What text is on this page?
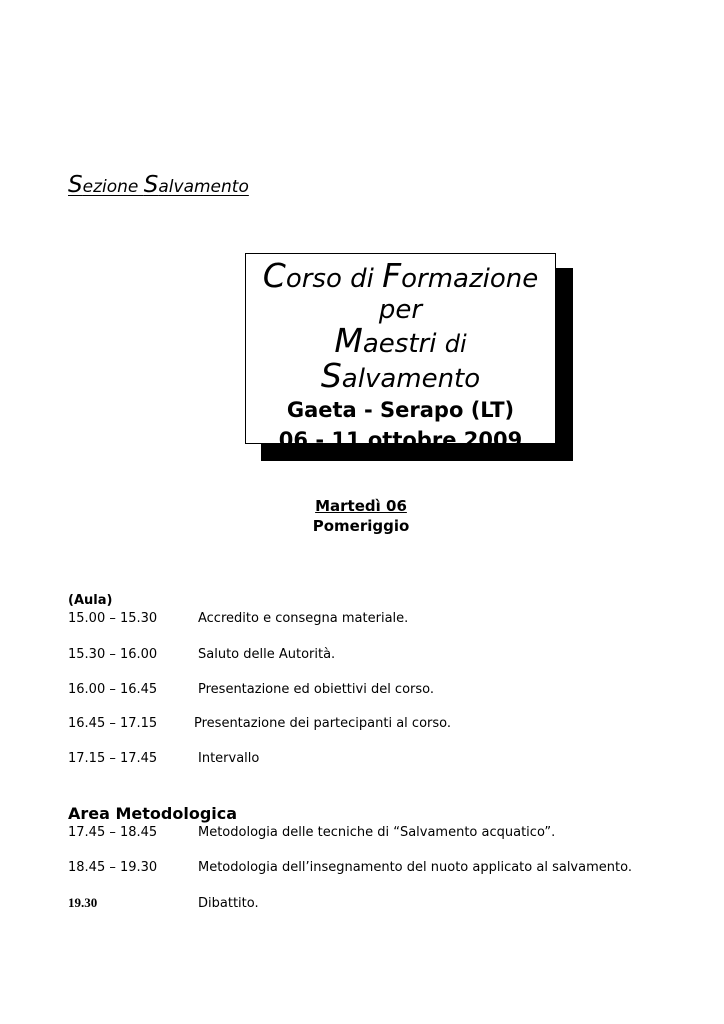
Sezione Salvamento
Corso di Formazione
per
Maestri di
Salvamento
Gaeta - Serapo (LT)
06 - 11 ottobre 2009
Martedì 06
Pomeriggio
(Aula)
15.00 – 15.30	Accredito e consegna materiale.
15.30 – 16.00	Saluto delle Autorità.
16.00 – 16.45	Presentazione ed obiettivi del corso.
16.45 – 17.15	Presentazione dei partecipanti al corso.
17.15 – 17.45	Intervallo
Area Metodologica
17.45 – 18.45	Metodologia delle tecniche di “Salvamento acquatico”.
18.45 – 19.30	Metodologia dell’insegnamento del nuoto applicato al salvamento.
19.30	Dibattito.
